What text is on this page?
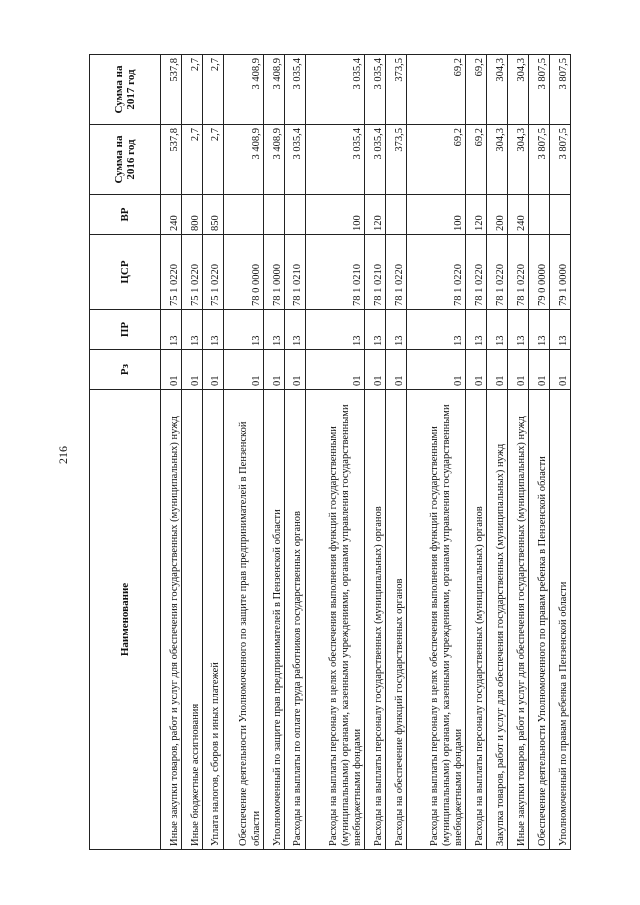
216
Наименование	Рз	ПР	ЦСР	ВР	Сумма на 2016 год	Сумма на 2017 год
Иные закупки товаров, работ и услуг для обеспечения государственных (муниципальных) нужд	01	13	75 1 0220	240	537,8	537,8
Иные бюджетные ассигнования	01	13	75 1 0220	800	2,7	2,7
Уплата налогов, сборов и иных платежей	01	13	75 1 0220	850	2,7	2,7
Обеспечение деятельности Уполномоченного по защите прав предпринимателей в Пензенской области	01	13	78 0 0000		3 408,9	3 408,9
Уполномоченный по защите прав предпринимателей в Пензенской области	01	13	78 1 0000		3 408,9	3 408,9
Расходы на выплаты по оплате труда работников государственных органов	01	13	78 1 0210		3 035,4	3 035,4
Расходы на выплаты персоналу в целях обеспечения выполнения функций государственными (муниципальными) органами, казенными учреждениями, органами управления государственными внебюджетными фондами	01	13	78 1 0210	100	3 035,4	3 035,4
Расходы на выплаты персоналу государственных (муниципальных) органов	01	13	78 1 0210	120	3 035,4	3 035,4
Расходы на обеспечение функций государственных органов	01	13	78 1 0220		373,5	373,5
Расходы на выплаты персоналу в целях обеспечения выполнения функций государственными (муниципальными) органами, казенными учреждениями, органами управления государственными внебюджетными фондами	01	13	78 1 0220	100	69,2	69,2
Расходы на выплаты персоналу государственных (муниципальных) органов	01	13	78 1 0220	120	69,2	69,2
Закупка товаров, работ и услуг для обеспечения государственных (муниципальных) нужд	01	13	78 1 0220	200	304,3	304,3
Иные закупки товаров, работ и услуг для обеспечения государственных (муниципальных) нужд	01	13	78 1 0220	240	304,3	304,3
Обеспечение деятельности Уполномоченного по правам ребенка в Пензенской области	01	13	79 0 0000		3 807,5	3 807,5
Уполномоченный по правам ребенка в Пензенской области	01	13	79 1 0000		3 807,5	3 807,5
